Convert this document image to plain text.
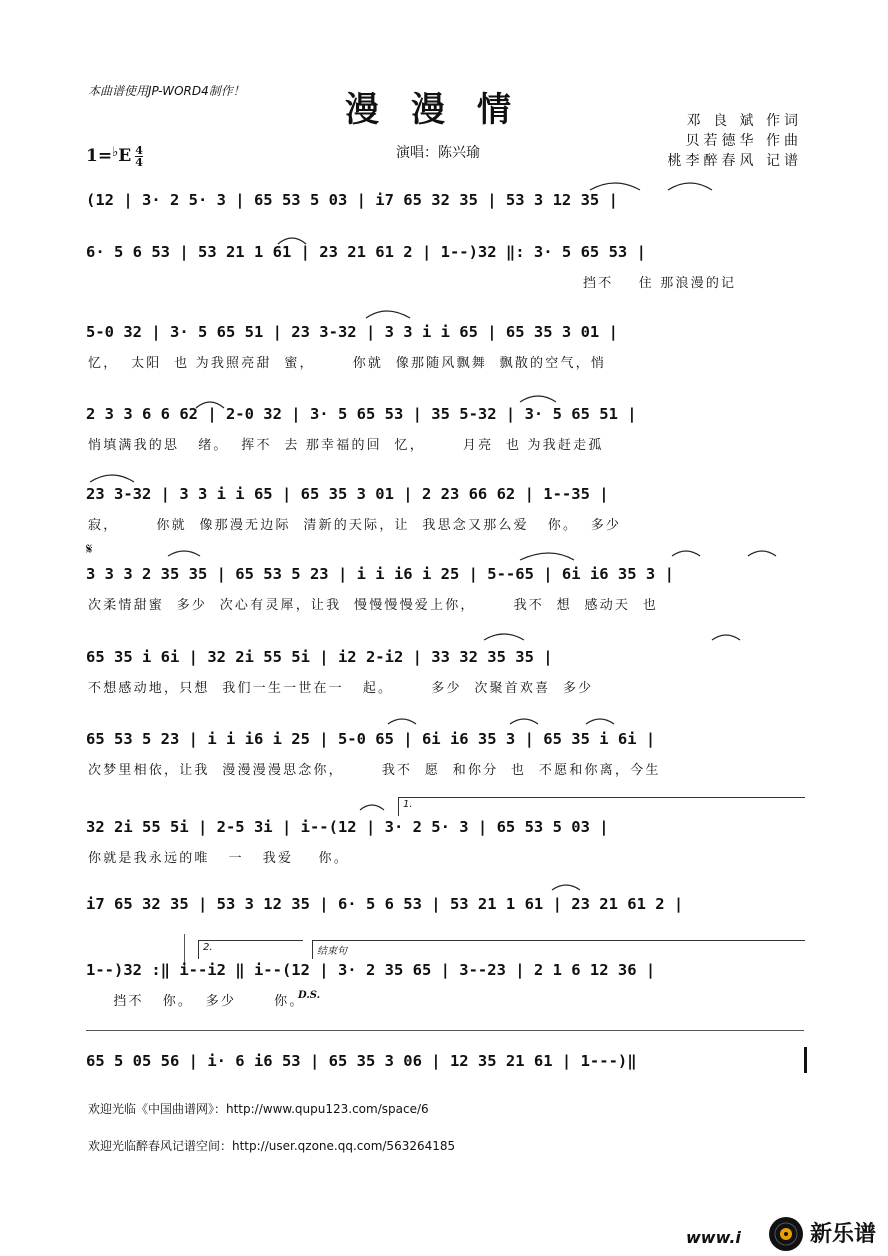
本曲谱使用JP-WORD4制作！	漫漫情	邓 良 斌 作词
贝若德华 作曲
桃李醉春风 记谱
$1=^♭E \frac{4}{4}$	演唱：陈兴瑜
(12 | 3· 2 5· 3 | 65 53 5 03 | i7 65 32 35 | 53 3 12 35 |
6· 5 6 53 | 53 21 1 61 | 23 21 61 2 | 1--)32 ‖: 3· 5 65 53 |
挡不    住 那浪漫的记
5-0 32 | 3· 5 65 51 | 23 3-32 | 3 3 i i 65 | 65 35 3 01 |
忆，  太阳  也 为我照亮甜  蜜，      你就  像那随风飘舞  飘散的空气，悄
2 3 3 6 6 62 | 2-0 32 | 3· 5 65 53 | 35 5-32 | 3· 5 65 51 |
悄填满我的思   绪。  挥不  去 那幸福的回  忆，      月亮  也 为我赶走孤
23 3-32 | 3 3 i i 65 | 65 35 3 01 | 2 23 66 62 | 1--35 |
寂，      你就  像那漫无边际  清新的天际，让  我思念又那么爱   你。  多少
𝄋
3 3 3 2 35 35 | 65 53 5 23 | i i i6 i 25 | 5--65 | 6i i6 35 3 |
次柔情甜蜜  多少  次心有灵犀，让我  慢慢慢慢爱上你，      我不  想  感动天  也
65 35 i 6i | 32 2i 55 5i | i2 2-i2 | 33 32 35 35 |
不想感动地，只想  我们一生一世在一   起。      多少  次聚首欢喜  多少
65 53 5 23 | i i i6 i 25 | 5-0 65 | 6i i6 35 3 | 65 35 i 6i |
次梦里相依，让我  漫漫漫漫思念你，      我不  愿  和你分  也  不愿和你离，今生
1.
32 2i 55 5i | 2-5 3i | i--(12 | 3· 2 5· 3 | 65 53 5 03 |
你就是我永远的唯   一   我爱    你。
i7 65 32 35 | 53 3 12 35 | 6· 5 6 53 | 53 21 1 61 | 23 21 61 2 |
2.	结束句
1--)32 :‖ i--i2 ‖ i--(12 | 3· 2 35 65 | 3--23 | 2 1 6 12 36 |
挡不   你。  多少      你。
D.S.
65 5 05 56 | i· 6 i6 53 | 65 35 3 06 | 12 35 21 61 | 1---)‖
欢迎光临《中国曲谱网》：http://www.qupu123.com/space/6
欢迎光临醉春风记谱空间：http://user.qzone.qq.com/563264185
www.i	新乐谱
